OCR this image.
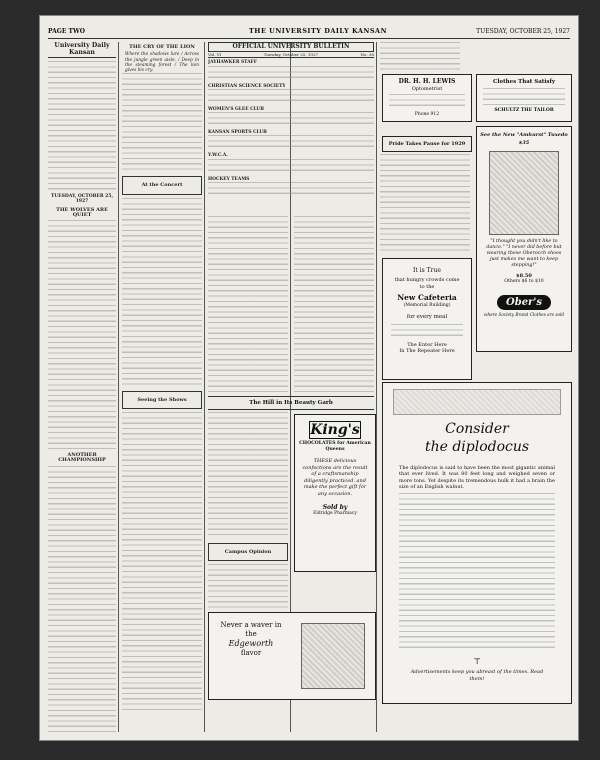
PAGE TWO	THE UNIVERSITY DAILY KANSAN	TUESDAY, OCTOBER 25, 1927
University Daily Kansan
TUESDAY, OCTOBER 25, 1927
THE WOLVES ARE QUIET
ANOTHER CHAMPIONSHIP
THE CRY OF THE LION
Where the shadows lure / Across the jungle green aisle, / Deep in the steaming forest / The lion gives his cry.
At the Concert
Seeing the Shows
OFFICIAL UNIVERSITY BULLETIN
Vol. VI	Tuesday, October 25, 1927	No. 38
JAYHAWKER STAFF
CHRISTIAN SCIENCE SOCIETY
WOMEN'S GLEE CLUB
KANSAN SPORTS CLUB
Y.W.C.A.
HOCKEY TEAMS
The Hill in Its Beauty Garb
Campus Opinion
King's
CHOCOLATES for American Queens
THESE delicious confections are the result of a craftsmanship diligently practiced, and make the perfect gift for any occasion.
Sold by
Eldridge Pharmacy
Never a waver in the
Edgeworth
flavor
DR. H. H. LEWIS
Optometrist
Phone 912
Clothes That Satisfy
SCHULTZ THE TAILOR
Pride Takes Pause for 1929
See the New "Amhurst" Tuxedo $35
"I thought you didn't like to dance." "I never did before but wearing these Oberocch shoes just makes me want to keep stepping!"
$8.50
Others $6 to $10
Ober's
where Society Brand Clothes are sold
It is True
that hungry crowds come to the
New Cafeteria
(Memorial Building)
for every meal
The Enter Here
In The Repeater Here
Consider
the diplodocus
The diplodocus is said to have been the most gigantic animal that ever lived. It was 80 feet long and weighed seven or more tons. Yet despite its tremendous bulk it had a brain the size of an English walnut.
⊤
Advertisements keep you abreast of the times. Read them!
